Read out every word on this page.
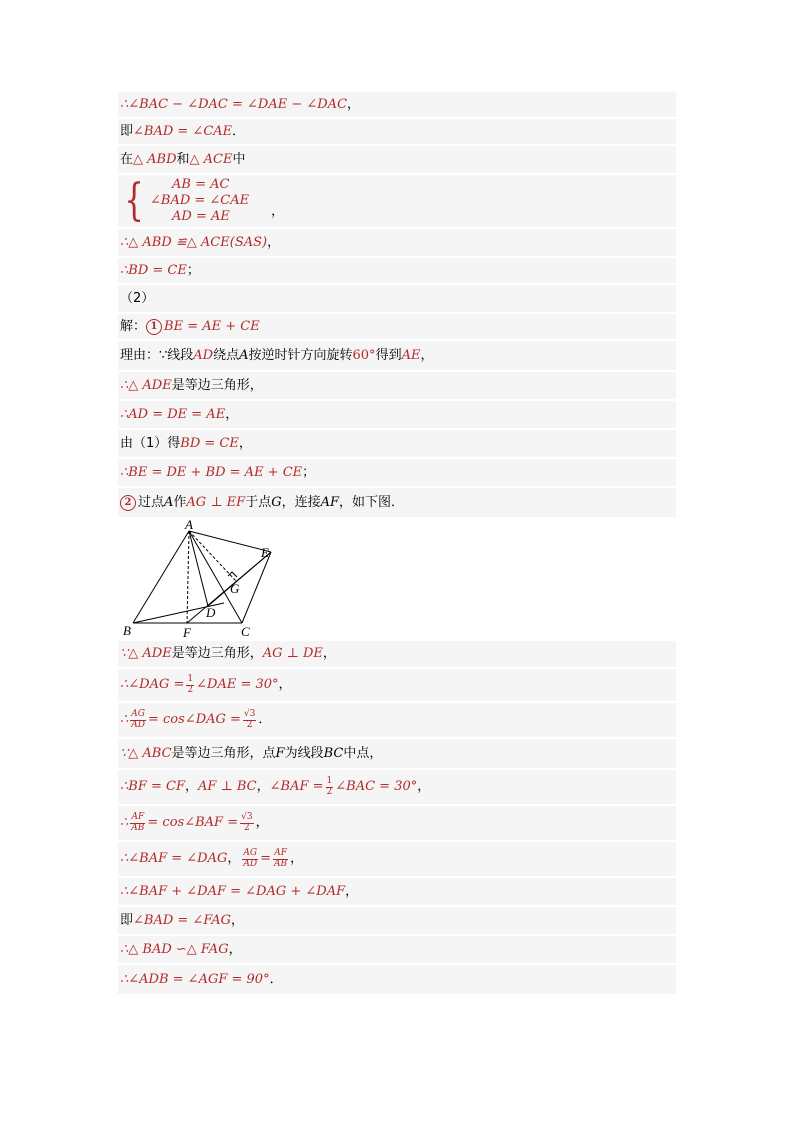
∴∠BAC − ∠DAC = ∠DAE − ∠DAC ，
即 ∠BAD = ∠CAE ．
在 △ ABD 和 △ ACE 中
{	AB = AC
∠BAD = ∠CAE
AD = AE	，
∴△ ABD ≌△ ACE(SAS) ，
∴BD = CE ；
（2）
解： 1 BE = AE + CE
理由：∵线段 AD 绕点 A 按逆时针方向旋转 60° 得到 AE ，
∴△ ADE 是等边三角形，
∴AD = DE = AE ，
由（1）得 BD = CE ，
∴BE = DE + BD = AE + CE ；
2 过点 A 作 AG ⊥ EF 于点 G ，连接 AF ，如下图．
A
B	C
D
E
F
G
∵△ ADE 是等边三角形， AG ⊥ DE ，
∴∠DAG = $\frac{1}{2}$ ∠DAE = 30° ，
∴ $\frac{AG}{AD}$ = cos∠DAG = $\frac{√3}{2}$ ．
∵△ ABC 是等边三角形，点 F 为线段 BC 中点，
∴BF = CF ， AF ⊥ BC ， ∠BAF = $\frac{1}{2}$ ∠BAC = 30° ，
∴ $\frac{AF}{AB}$ = cos∠BAF = $\frac{√3}{2}$ ，
∴∠BAF = ∠DAG ， $\frac{AG}{AD} = \frac{AF}{AB}$ ，
∴∠BAF + ∠DAF = ∠DAG + ∠DAF ，
即 ∠BAD = ∠FAG ，
∴△ BAD ∽△ FAG ，
∴∠ADB = ∠AGF = 90° ．
